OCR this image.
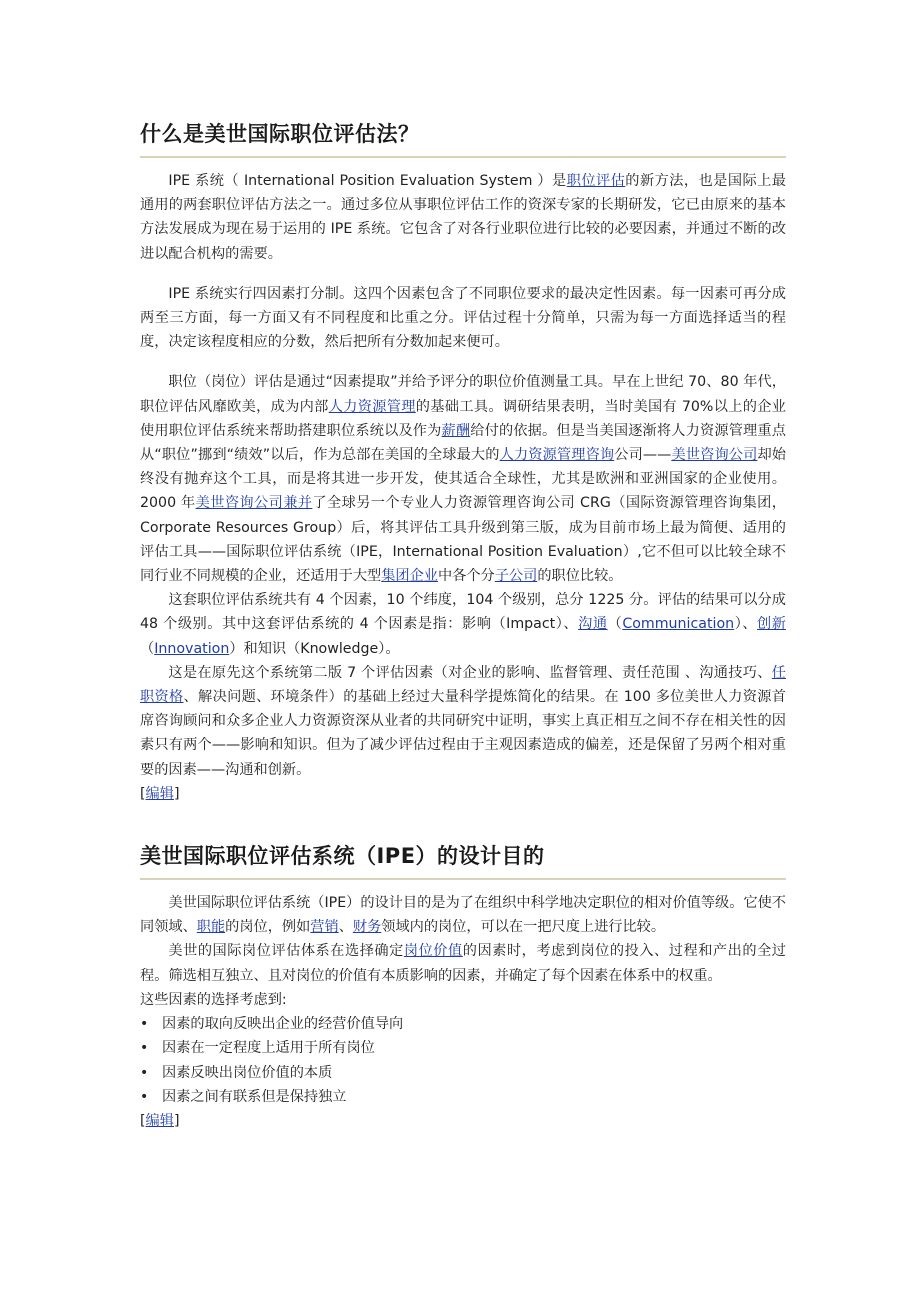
什么是美世国际职位评估法？

IPE 系统（ International Position Evaluation System ）是职位评估的新方法，也是国际上最通用的两套职位评估方法之一。通过多位从事职位评估工作的资深专家的长期研发，它已由原来的基本方法发展成为现在易于运用的 IPE 系统。它包含了对各行业职位进行比较的必要因素，并通过不断的改进以配合机构的需要。

IPE 系统实行四因素打分制。这四个因素包含了不同职位要求的最决定性因素。每一因素可再分成两至三方面，每一方面又有不同程度和比重之分。评估过程十分简单，只需为每一方面选择适当的程度，决定该程度相应的分数，然后把所有分数加起来便可。

职位（岗位）评估是通过“因素提取”并给予评分的职位价值测量工具。早在上世纪 70、80 年代，职位评估风靡欧美，成为内部人力资源管理的基础工具。调研结果表明，当时美国有 70%以上的企业使用职位评估系统来帮助搭建职位系统以及作为薪酬给付的依据。但是当美国逐渐将人力资源管理重点从“职位”挪到“绩效”以后，作为总部在美国的全球最大的人力资源管理咨询公司——美世咨询公司却始终没有抛弃这个工具，而是将其进一步开发，使其适合全球性，尤其是欧洲和亚洲国家的企业使用。2000 年美世咨询公司兼并了全球另一个专业人力资源管理咨询公司 CRG（国际资源管理咨询集团， Corporate Resources Group）后，将其评估工具升级到第三版，成为目前市场上最为简便、适用的评估工具——国际职位评估系统（IPE，International Position Evaluation）,它不但可以比较全球不同行业不同规模的企业，还适用于大型集团企业中各个分子公司的职位比较。

这套职位评估系统共有 4 个因素，10 个纬度，104 个级别，总分 1225 分。评估的结果可以分成 48 个级别。其中这套评估系统的 4 个因素是指：影响（Impact）、沟通（Communication）、创新（Innovation）和知识（Knowledge）。

这是在原先这个系统第二版 7 个评估因素（对企业的影响、监督管理、责任范围 、沟通技巧、任职资格、解决问题、环境条件）的基础上经过大量科学提炼简化的结果。在 100 多位美世人力资源首席咨询顾问和众多企业人力资源资深从业者的共同研究中证明，事实上真正相互之间不存在相关性的因素只有两个——影响和知识。但为了减少评估过程由于主观因素造成的偏差，还是保留了另两个相对重要的因素——沟通和创新。

[编辑]
美世国际职位评估系统（IPE）的设计目的

美世国际职位评估系统（IPE）的设计目的是为了在组织中科学地决定职位的相对价值等级。它使不同领域、职能的岗位，例如营销、财务领域内的岗位，可以在一把尺度上进行比较。

美世的国际岗位评估体系在选择确定岗位价值的因素时，考虑到岗位的投入、过程和产出的全过程。筛选相互独立、且对岗位的价值有本质影响的因素，并确定了每个因素在体系中的权重。

这些因素的选择考虑到:

• 因素的取向反映出企业的经营价值导向
• 因素在一定程度上适用于所有岗位
• 因素反映出岗位价值的本质
• 因素之间有联系但是保持独立
[编辑]
